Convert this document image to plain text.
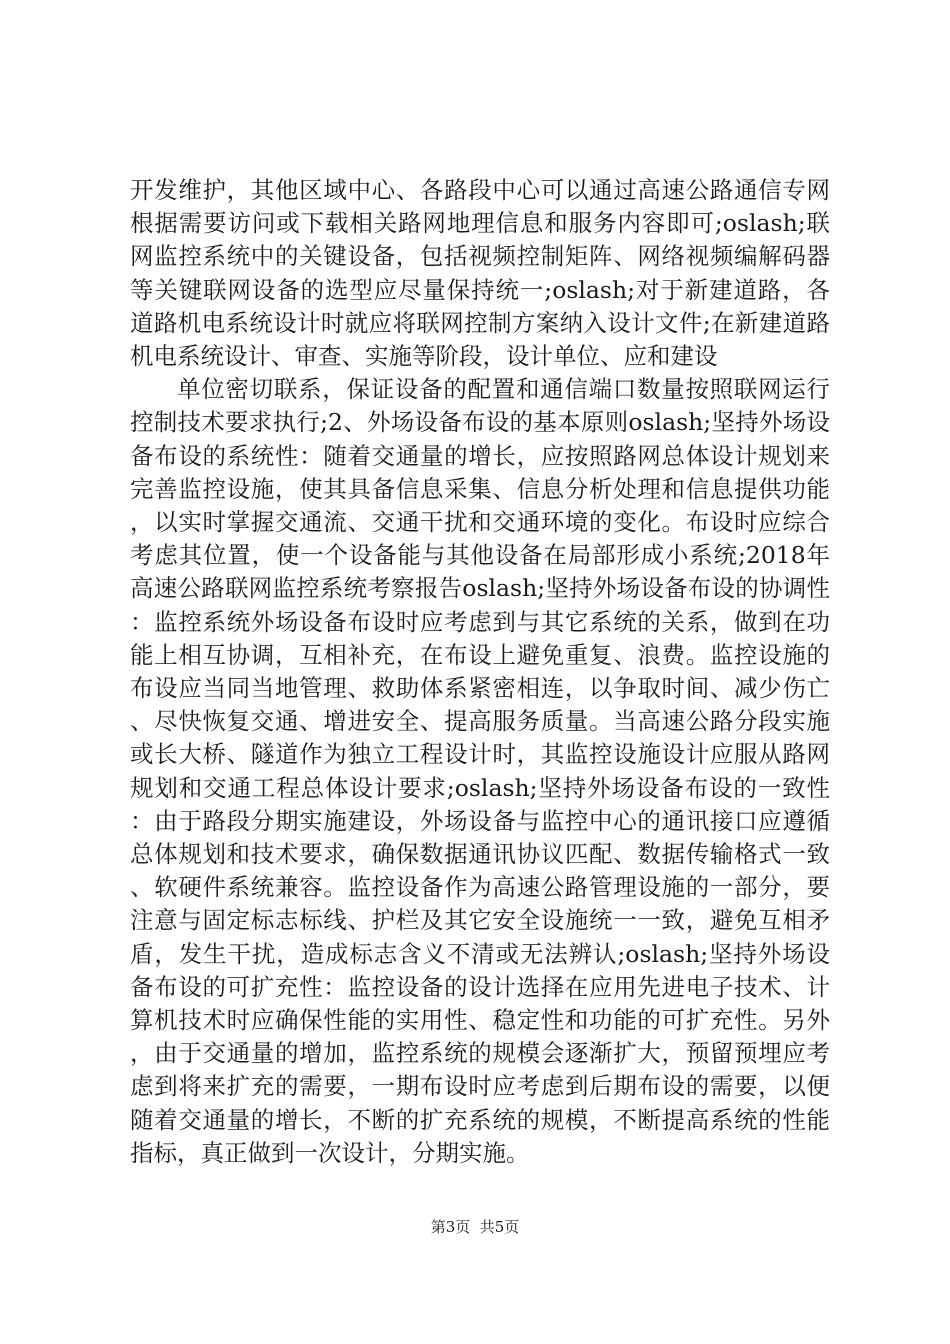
开发维护，其他区域中心、各路段中心可以通过高速公路通信专网根据需要访问或下载相关路网地理信息和服务内容即可;oslash;联网监控系统中的关键设备，包括视频控制矩阵、网络视频编解码器等关键联网设备的选型应尽量保持统一;oslash;对于新建道路，各道路机电系统设计时就应将联网控制方案纳入设计文件;在新建道路机电系统设计、审查、实施等阶段，设计单位、应和建设

单位密切联系，保证设备的配置和通信端口数量按照联网运行控制技术要求执行;2、外场设备布设的基本原则oslash;坚持外场设备布设的系统性：随着交通量的增长，应按照路网总体设计规划来完善监控设施，使其具备信息采集、信息分析处理和信息提供功能，以实时掌握交通流、交通干扰和交通环境的变化。布设时应综合考虑其位置，使一个设备能与其他设备在局部形成小系统;2018年高速公路联网监控系统考察报告oslash;坚持外场设备布设的协调性：监控系统外场设备布设时应考虑到与其它系统的关系，做到在功能上相互协调，互相补充，在布设上避免重复、浪费。监控设施的布设应当同当地管理、救助体系紧密相连，以争取时间、减少伤亡、尽快恢复交通、增进安全、提高服务质量。当高速公路分段实施或长大桥、隧道作为独立工程设计时，其监控设施设计应服从路网规划和交通工程总体设计要求;oslash;坚持外场设备布设的一致性：由于路段分期实施建设，外场设备与监控中心的通讯接口应遵循总体规划和技术要求，确保数据通讯协议匹配、数据传输格式一致、软硬件系统兼容。监控设备作为高速公路管理设施的一部分，要注意与固定标志标线、护栏及其它安全设施统一一致，避免互相矛盾，发生干扰，造成标志含义不清或无法辨认;oslash;坚持外场设备布设的可扩充性：监控设备的设计选择在应用先进电子技术、计算机技术时应确保性能的实用性、稳定性和功能的可扩充性。另外，由于交通量的增加，监控系统的规模会逐渐扩大，预留预埋应考虑到将来扩充的需要，一期布设时应考虑到后期布设的需要，以便随着交通量的增长，不断的扩充系统的规模，不断提高系统的性能指标，真正做到一次设计，分期实施。

第3页  共5页
